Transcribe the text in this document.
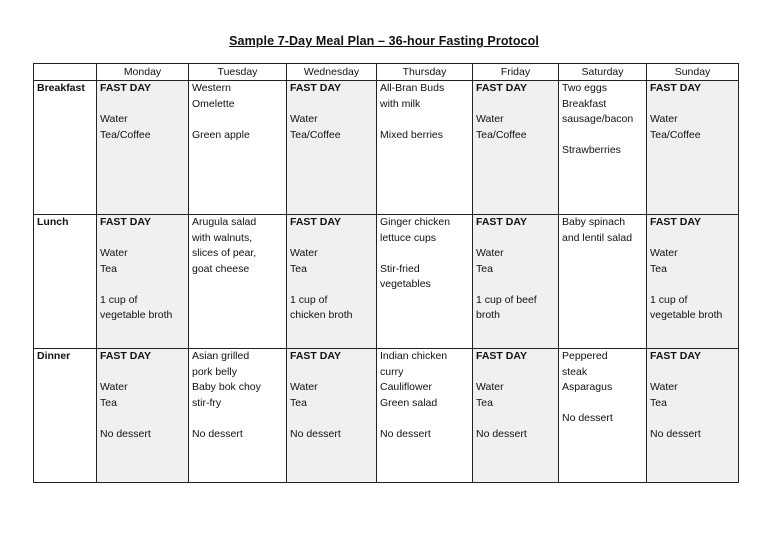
Sample 7-Day Meal Plan – 36-hour Fasting Protocol
	Monday	Tuesday	Wednesday	Thursday	Friday	Saturday	Sunday
Breakfast	FAST DAY
Water
Tea/Coffee	Western
Omelette
Green apple	FAST DAY
Water
Tea/Coffee	All-Bran Buds
with milk
Mixed berries	FAST DAY
Water
Tea/Coffee	Two eggs
Breakfast
sausage/bacon
Strawberries	FAST DAY
Water
Tea/Coffee

Lunch	FAST DAY
Water
Tea
1 cup of
vegetable broth	Arugula salad
with walnuts,
slices of pear,
goat cheese	FAST DAY
Water
Tea
1 cup of
chicken broth	Ginger chicken
lettuce cups
Stir-fried
vegetables	FAST DAY
Water
Tea
1 cup of beef
broth	Baby spinach
and lentil salad	FAST DAY
Water
Tea
1 cup of
vegetable broth

Dinner	FAST DAY
Water
Tea
No dessert	Asian grilled
pork belly
Baby bok choy
stir-fry
No dessert	FAST DAY
Water
Tea
No dessert	Indian chicken
curry
Cauliflower
Green salad
No dessert	FAST DAY
Water
Tea
No dessert	Peppered
steak
Asparagus
No dessert	FAST DAY
Water
Tea
No dessert
